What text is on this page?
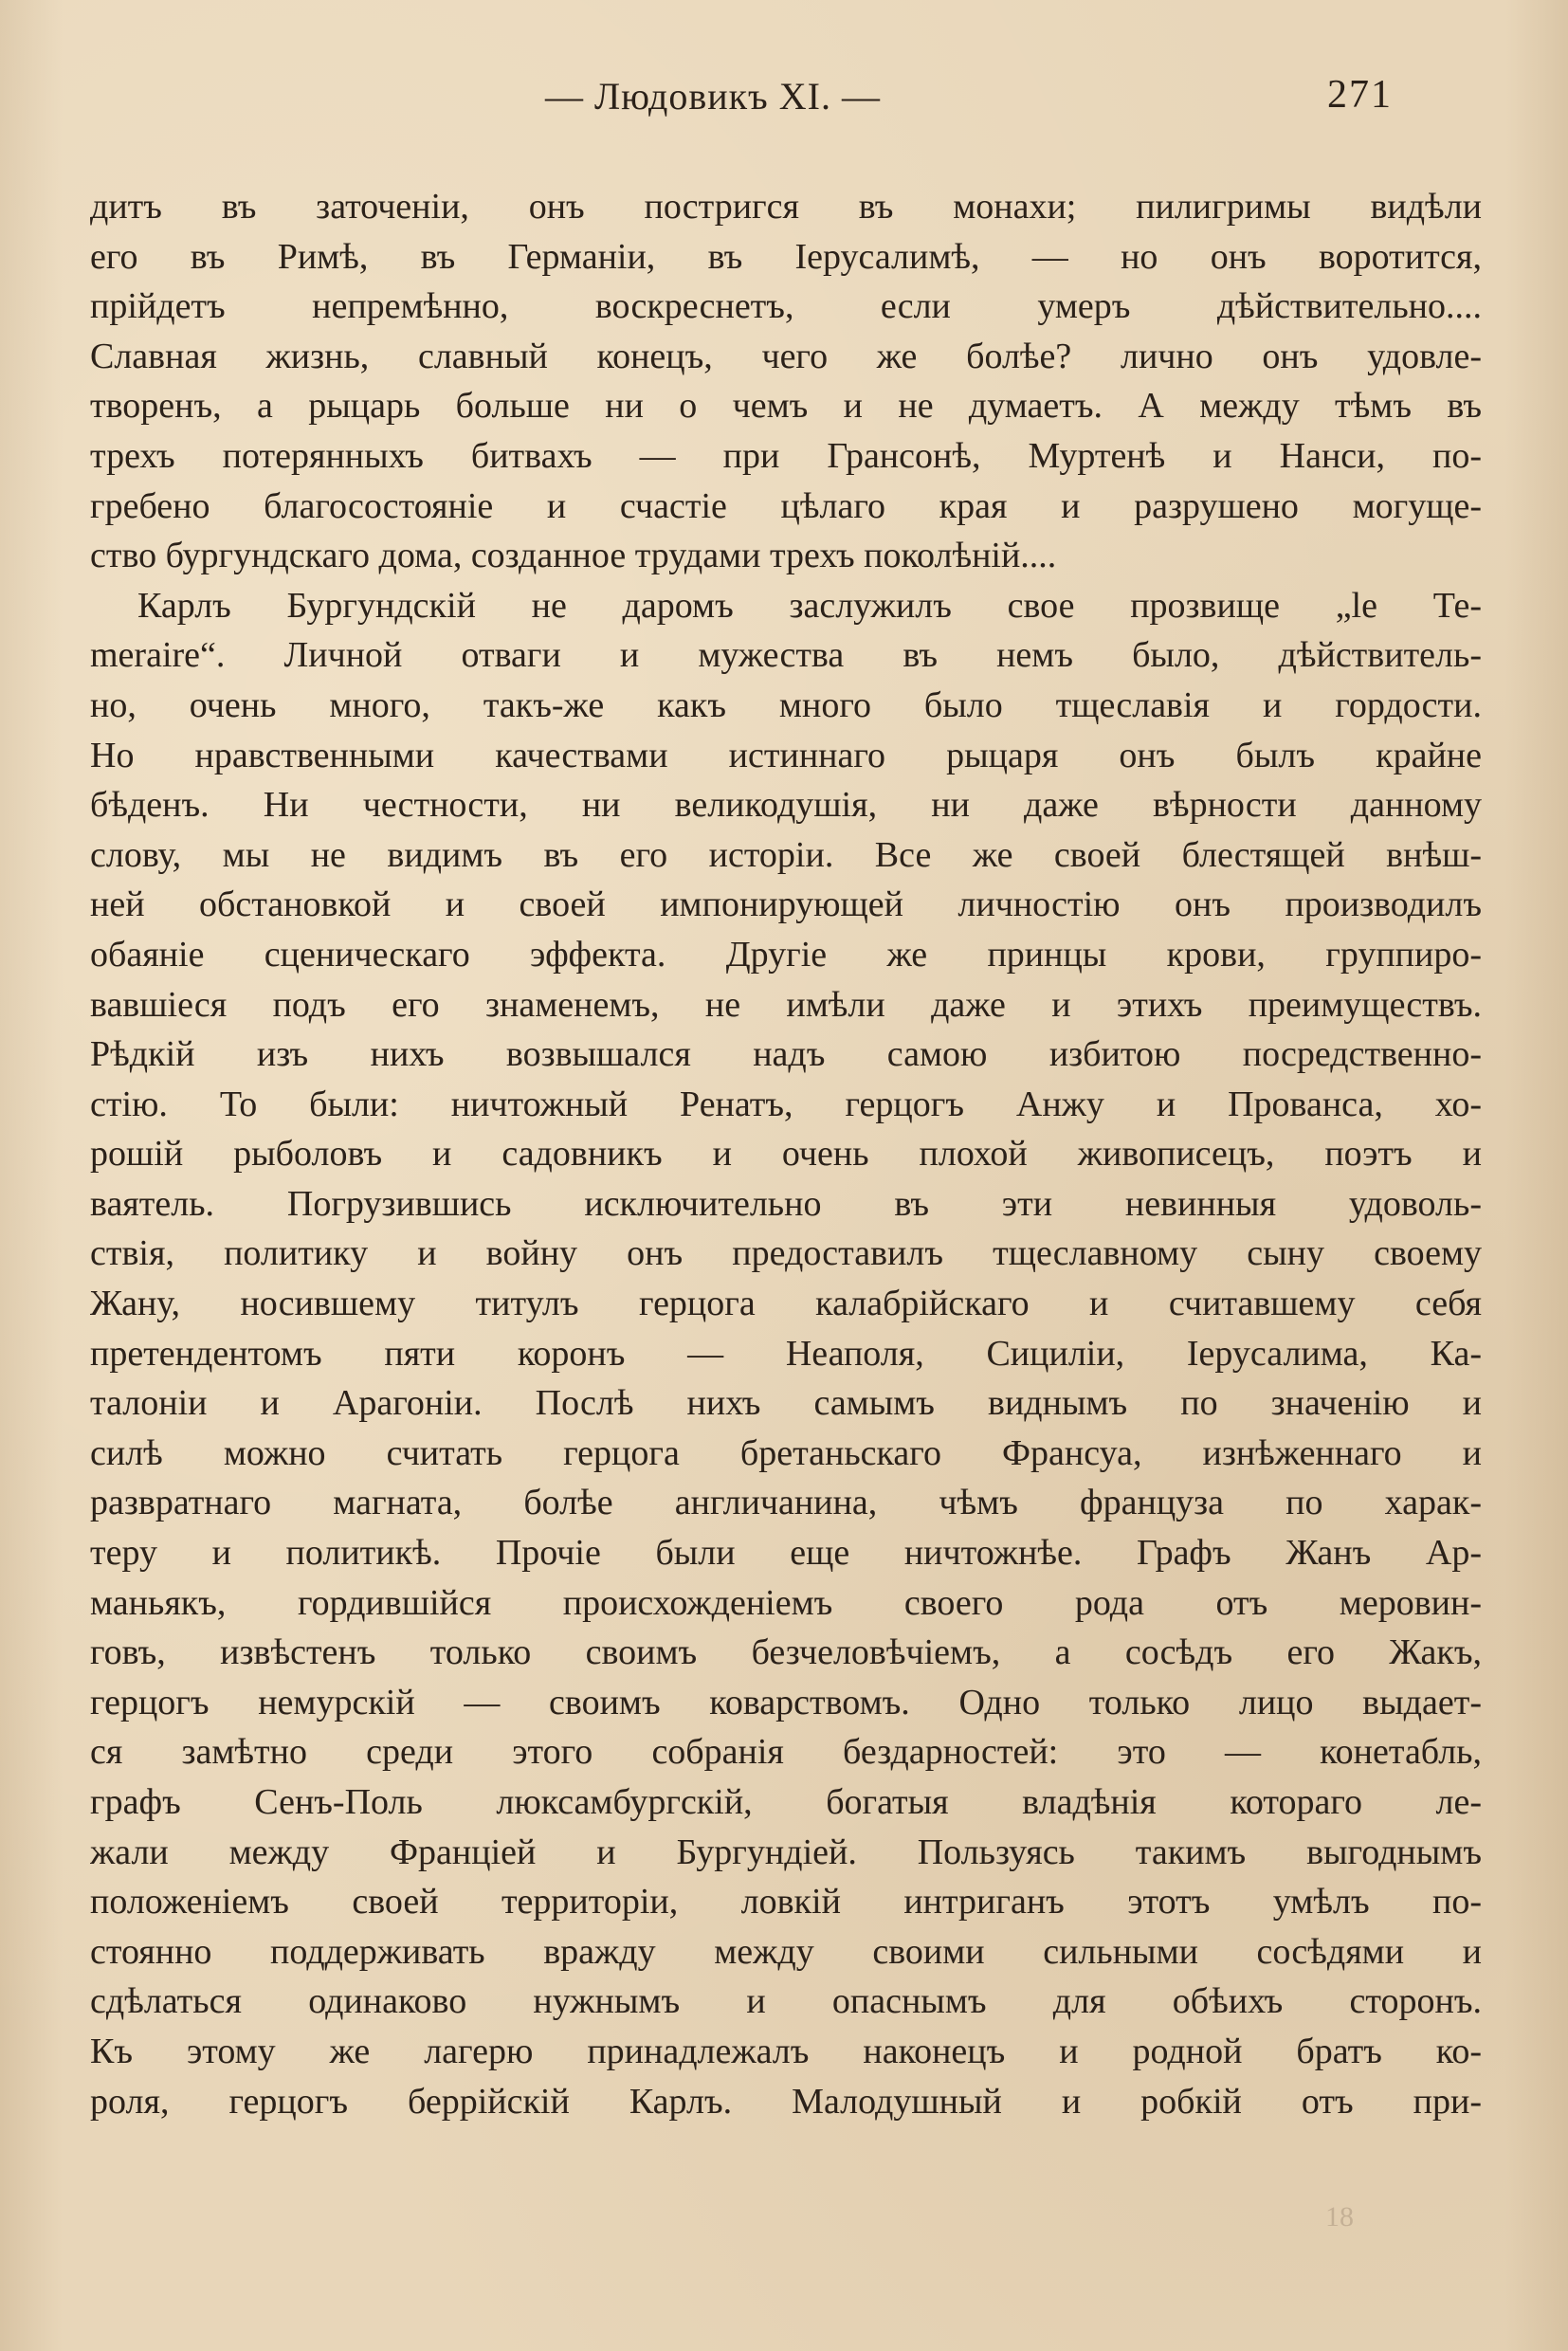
— Людовикъ XI. —	271
дитъ въ заточеніи, онъ постригся въ монахи; пилигримы видѣли
его въ Римѣ, въ Германіи, въ Іерусалимѣ, — но онъ воротится,
прійдетъ непремѣнно, воскреснетъ, если умеръ дѣйствительно....
Славная жизнь, славный конецъ, чего же болѣе? лично онъ удовле-
творенъ, а рыцарь больше ни о чемъ и не думаетъ. А между тѣмъ въ
трехъ потерянныхъ битвахъ — при Грансонѣ, Муртенѣ и Нанси, по-
гребено благосостояніе и счастіе цѣлаго края и разрушено могуще-
ство бургундскаго дома, созданное трудами трехъ поколѣній....
Карлъ Бургундскій не даромъ заслужилъ свое прозвище „le Те-
meraire“. Личной отваги и мужества въ немъ было, дѣйствитель-
но, очень много, такъ-же какъ много было тщеславія и гордости.
Но нравственными качествами истиннаго рыцаря онъ былъ крайне
бѣденъ. Ни честности, ни великодушія, ни даже вѣрности данному
слову, мы не видимъ въ его исторіи. Все же своей блестящей внѣш-
ней обстановкой и своей импонирующей личностію онъ производилъ
обаяніе сценическаго эффекта. Другіе же принцы крови, группиро-
вавшіеся подъ его знаменемъ, не имѣли даже и этихъ преимуществъ.
Рѣдкій изъ нихъ возвышался надъ самою избитою посредственно-
стію. То были: ничтожный Ренатъ, герцогъ Анжу и Прованса, хо-
рошій рыболовъ и садовникъ и очень плохой живописецъ, поэтъ и
ваятель. Погрузившись исключительно въ эти невинныя удоволь-
ствія, политику и войну онъ предоставилъ тщеславному сыну своему
Жану, носившему титулъ герцога калабрійскаго и считавшему себя
претендентомъ пяти коронъ — Неаполя, Сициліи, Іерусалима, Ка-
талоніи и Арагоніи. Послѣ нихъ самымъ виднымъ по значенію и
силѣ можно считать герцога бретаньскаго Франсуа, изнѣженнаго и
развратнаго магната, болѣе англичанина, чѣмъ француза по харак-
теру и политикѣ. Прочіе были еще ничтожнѣе. Графъ Жанъ Ар-
маньякъ, гордившійся происхожденіемъ своего рода отъ меровин-
говъ, извѣстенъ только своимъ безчеловѣчіемъ, а сосѣдъ его Жакъ,
герцогъ немурскій — своимъ коварствомъ. Одно только лицо выдает-
ся замѣтно среди этого собранія бездарностей: это — конетабль,
графъ Сенъ-Поль люксамбургскій, богатыя владѣнія котораго ле-
жали между Франціей и Бургундіей. Пользуясь такимъ выгоднымъ
положеніемъ своей территоріи, ловкій интриганъ этотъ умѣлъ по-
стоянно поддерживать вражду между своими сильными сосѣдями и
сдѣлаться одинаково нужнымъ и опаснымъ для обѣихъ сторонъ.
Къ этому же лагерю принадлежалъ наконецъ и родной братъ ко-
роля, герцогъ беррійскій Карлъ. Малодушный и робкій отъ при-
18
